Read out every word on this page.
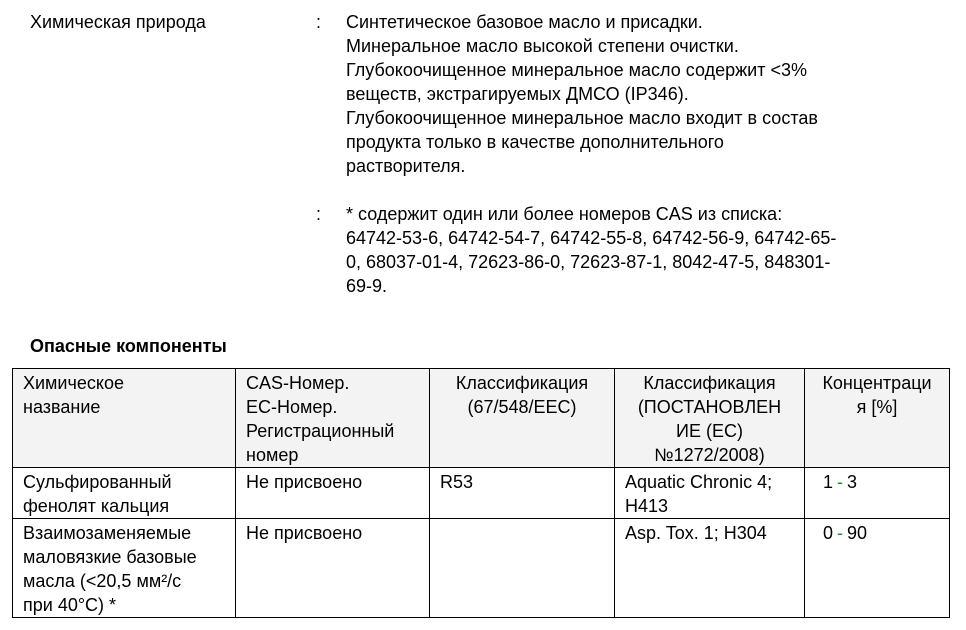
Химическая природа	: Синтетическое базовое масло и присадки.
Минеральное масло высокой степени очистки.
Глубокоочищенное минеральное масло содержит <3%
веществ, экстрагируемых ДМСО (IP346).
Глубокоочищенное минеральное масло входит в состав
продукта только в качестве дополнительного
растворителя.
: * содержит один или более номеров CAS из списка:
64742-53-6, 64742-54-7, 64742-55-8, 64742-56-9, 64742-65-
0, 68037-01-4, 72623-86-0, 72623-87-1, 8042-47-5, 848301-
69-9.
Опасные компоненты
Химическое
название	CAS-Номер.
ЕС-Номер.
Регистрационный
номер	Классификация
(67/548/EEC)	Классификация
(ПОСТАНОВЛЕН
ИЕ (ЕС)
№1272/2008)	Концентраци
я [%]

Сульфированный
фенолят кальция	Не присвоено	R53	Aquatic Chronic 4;
H413	1 - 3

Взаимозаменяемые
маловязкие базовые
масла (<20,5 мм²/с
при 40°C) *	Не присвоено		Asp. Tox. 1; H304	0 - 90
